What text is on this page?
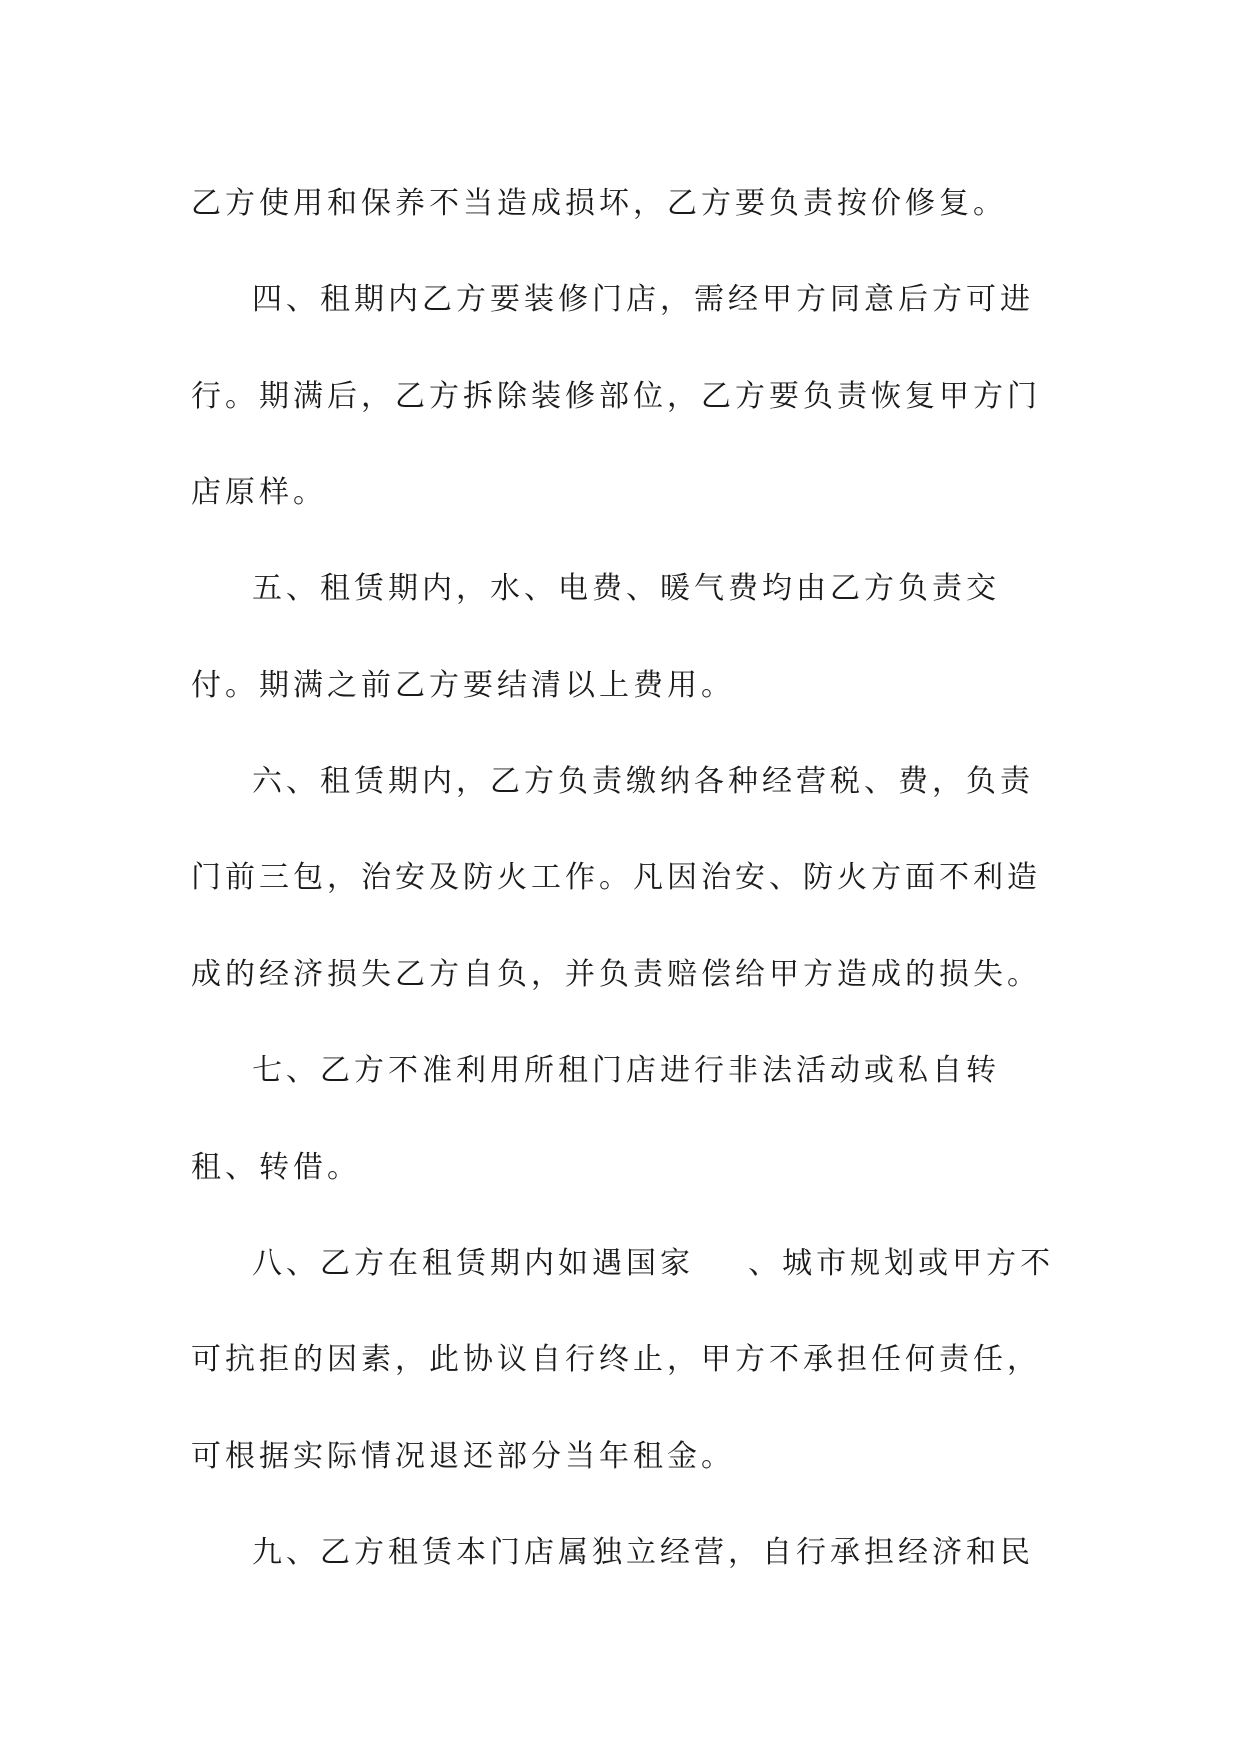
乙方使用和保养不当造成损坏，乙方要负责按价修复。
四、租期内乙方要装修门店，需经甲方同意后方可进
行。期满后，乙方拆除装修部位，乙方要负责恢复甲方门
店原样。
五、租赁期内，水、电费、暖气费均由乙方负责交
付。期满之前乙方要结清以上费用。
六、租赁期内，乙方负责缴纳各种经营税、费，负责
门前三包，治安及防火工作。凡因治安、防火方面不利造
成的经济损失乙方自负，并负责赔偿给甲方造成的损失。
七、乙方不准利用所租门店进行非法活动或私自转
租、转借。
八、乙方在租赁期内如遇国家    、城市规划或甲方不
可抗拒的因素，此协议自行终止，甲方不承担任何责任，
可根据实际情况退还部分当年租金。
九、乙方租赁本门店属独立经营，自行承担经济和民
